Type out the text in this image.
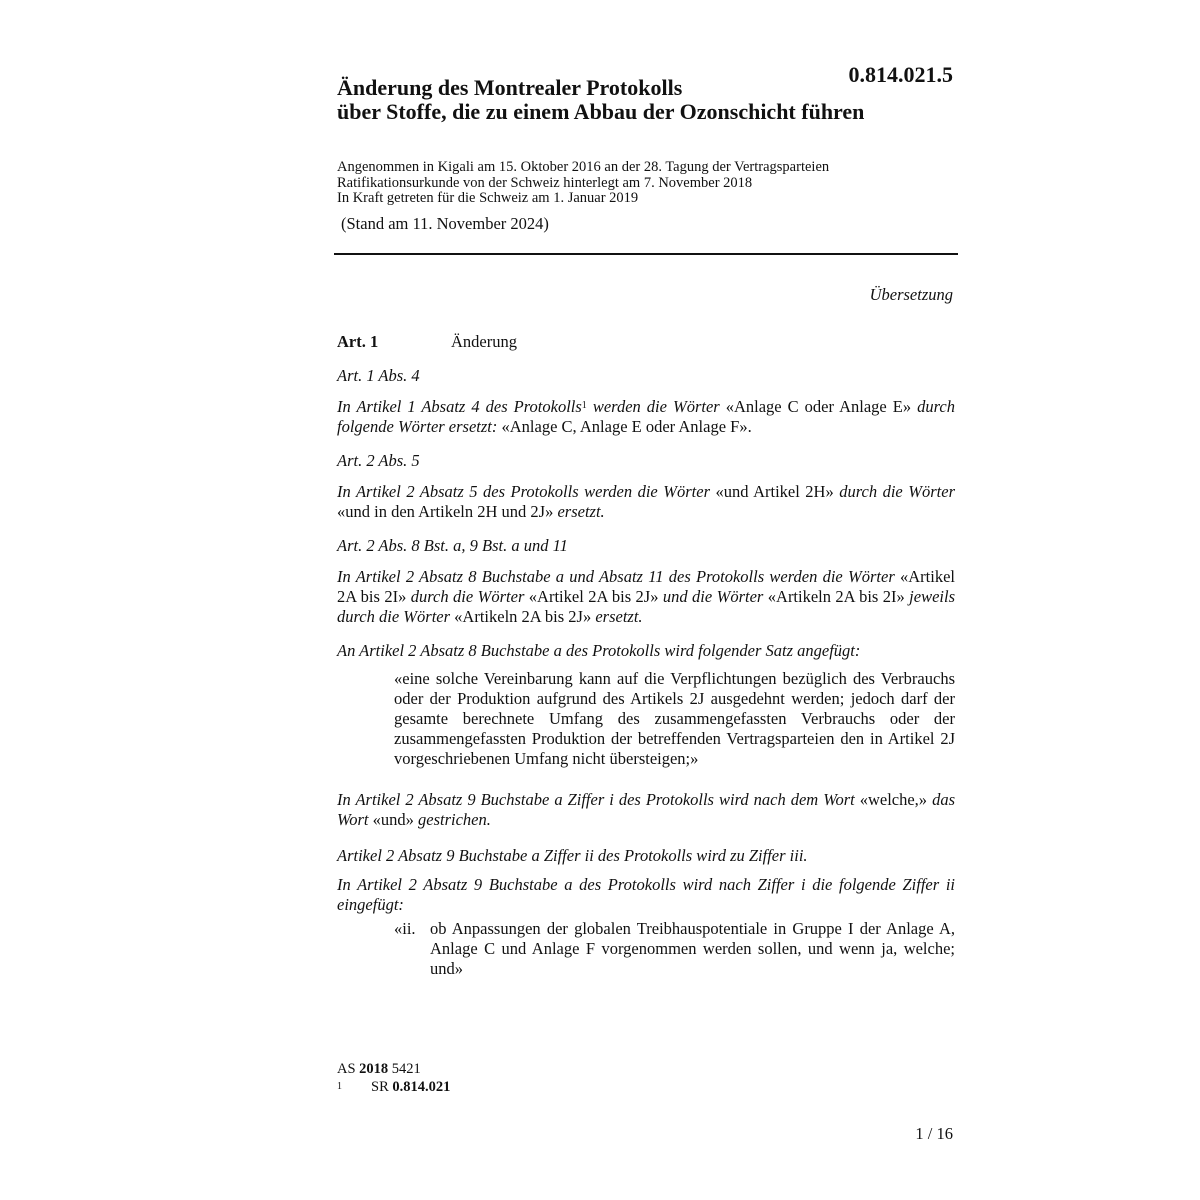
0.814.021.5
Änderung des Montrealer Protokolls
über Stoffe, die zu einem Abbau der Ozonschicht führen
Angenommen in Kigali am 15. Oktober 2016 an der 28. Tagung der Vertragsparteien
Ratifikationsurkunde von der Schweiz hinterlegt am 7. November 2018
In Kraft getreten für die Schweiz am 1. Januar 2019
(Stand am 11. November 2024)
Übersetzung
Art. 1	Änderung

Art. 1 Abs. 4

In Artikel 1 Absatz 4 des Protokolls$^1$ werden die Wörter «Anlage C oder Anlage E» durch folgende Wörter ersetzt: «Anlage C, Anlage E oder Anlage F».

Art. 2 Abs. 5

In Artikel 2 Absatz 5 des Protokolls werden die Wörter «und Artikel 2H» durch die Wörter «und in den Artikeln 2H und 2J» ersetzt.

Art. 2 Abs. 8 Bst. a, 9 Bst. a und 11

In Artikel 2 Absatz 8 Buchstabe a und Absatz 11 des Protokolls werden die Wörter «Artikel 2A bis 2I» durch die Wörter «Artikel 2A bis 2J» und die Wörter «Artikeln 2A bis 2I» jeweils durch die Wörter «Artikeln 2A bis 2J» ersetzt.

An Artikel 2 Absatz 8 Buchstabe a des Protokolls wird folgender Satz angefügt:

«eine solche Vereinbarung kann auf die Verpflichtungen bezüglich des Verbrauchs oder der Produktion aufgrund des Artikels 2J ausgedehnt werden; jedoch darf der gesamte berechnete Umfang des zusammengefassten Verbrauchs oder der zusammengefassten Produktion der betreffenden Vertragsparteien den in Artikel 2J vorgeschriebenen Umfang nicht übersteigen;»

In Artikel 2 Absatz 9 Buchstabe a Ziffer i des Protokolls wird nach dem Wort «welche,» das Wort «und» gestrichen.

Artikel 2 Absatz 9 Buchstabe a Ziffer ii des Protokolls wird zu Ziffer iii.

In Artikel 2 Absatz 9 Buchstabe a des Protokolls wird nach Ziffer i die folgende Ziffer ii eingefügt:

«ii. ob Anpassungen der globalen Treibhauspotentiale in Gruppe I der Anlage A, Anlage C und Anlage F vorgenommen werden sollen, und wenn ja, welche; und»
AS 2018 5421
1	SR 0.814.021
1 / 16
